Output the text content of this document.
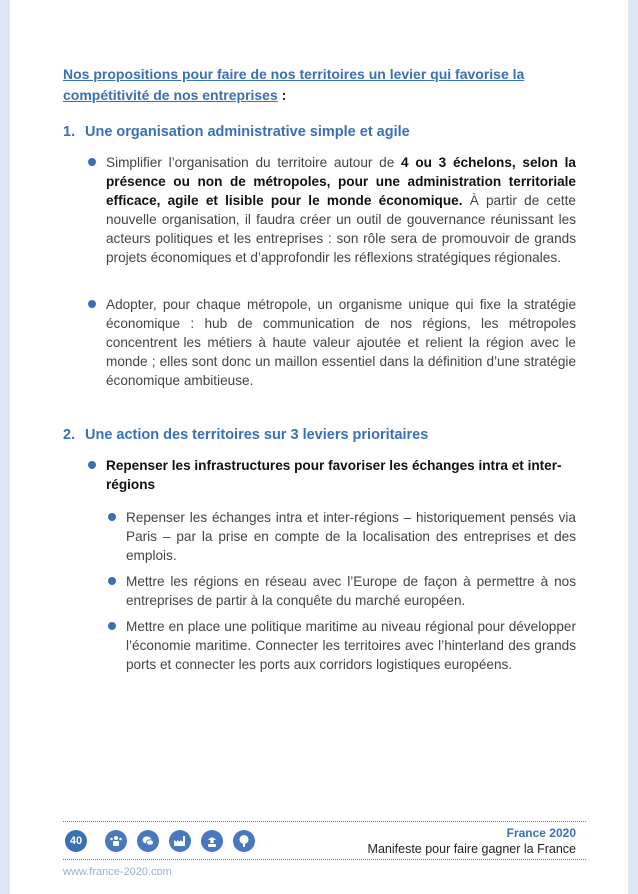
Nos propositions pour faire de nos territoires un levier qui favorise la compétitivité de nos entreprises :
1. Une organisation administrative simple et agile
Simplifier l’organisation du territoire autour de 4 ou 3 échelons, selon la présence ou non de métropoles, pour une administration territoriale efficace, agile et lisible pour le monde économique. À partir de cette nouvelle organisation, il faudra créer un outil de gouvernance réunissant les acteurs politiques et les entreprises : son rôle sera de promouvoir de grands projets économiques et d’approfondir les réflexions stratégiques régionales.
Adopter, pour chaque métropole, un organisme unique qui fixe la stratégie économique : hub de communication de nos régions, les métropoles concentrent les métiers à haute valeur ajoutée et relient la région avec le monde ; elles sont donc un maillon essentiel dans la définition d’une stratégie économique ambitieuse.
2. Une action des territoires sur 3 leviers prioritaires
Repenser les infrastructures pour favoriser les échanges intra et inter-régions
Repenser les échanges intra et inter-régions – historiquement pensés via Paris – par la prise en compte de la localisation des entreprises et des emplois.
Mettre les régions en réseau avec l’Europe de façon à permettre à nos entreprises de partir à la conquête du marché européen.
Mettre en place une politique maritime au niveau régional pour développer l’économie maritime. Connecter les territoires avec l’hinterland des grands ports et connecter les ports aux corridors logistiques européens.
40
France 2020
Manifeste pour faire gagner la France
www.france-2020.com
